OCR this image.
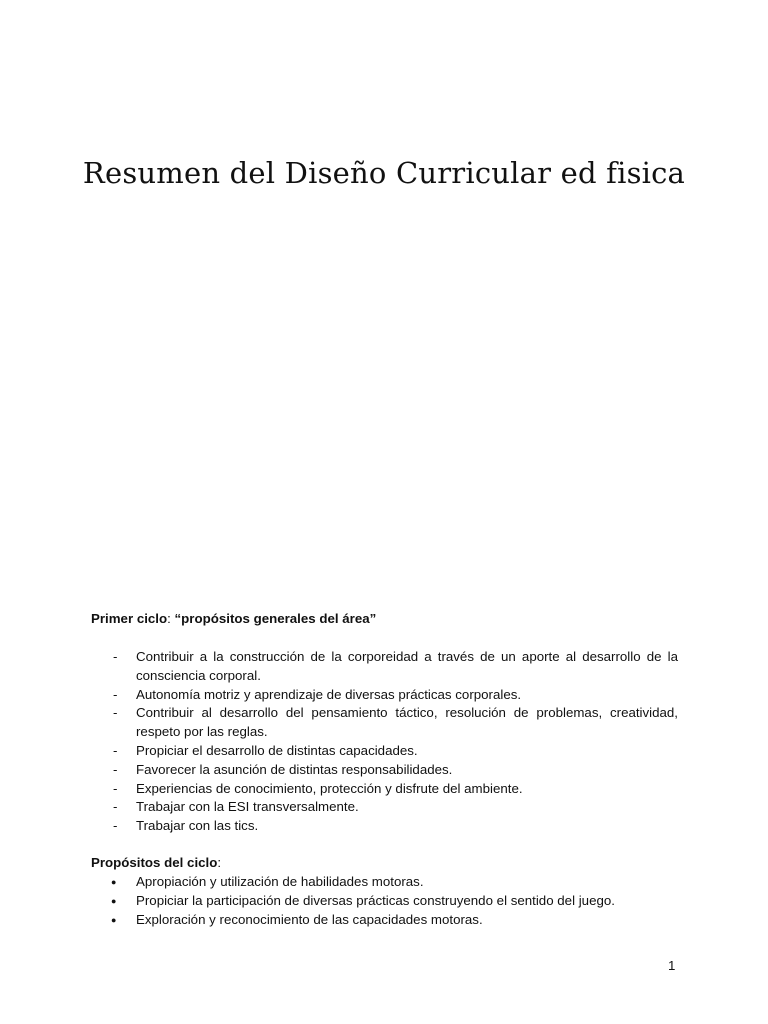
Resumen del Diseño Curricular ed fisica

Primer ciclo: “propósitos generales del área”

- Contribuir a la construcción de la corporeidad a través de un aporte al desarrollo de la consciencia corporal.
- Autonomía motriz y aprendizaje de diversas prácticas corporales.
- Contribuir al desarrollo del pensamiento táctico, resolución de problemas, creatividad, respeto por las reglas.
- Propiciar el desarrollo de distintas capacidades.
- Favorecer la asunción de distintas responsabilidades.
- Experiencias de conocimiento, protección y disfrute del ambiente.
- Trabajar con la ESI transversalmente.
- Trabajar con las tics.

Propósitos del ciclo:

● Apropiación y utilización de habilidades motoras.
● Propiciar la participación de diversas prácticas construyendo el sentido del juego.
● Exploración y reconocimiento de las capacidades motoras.
1
